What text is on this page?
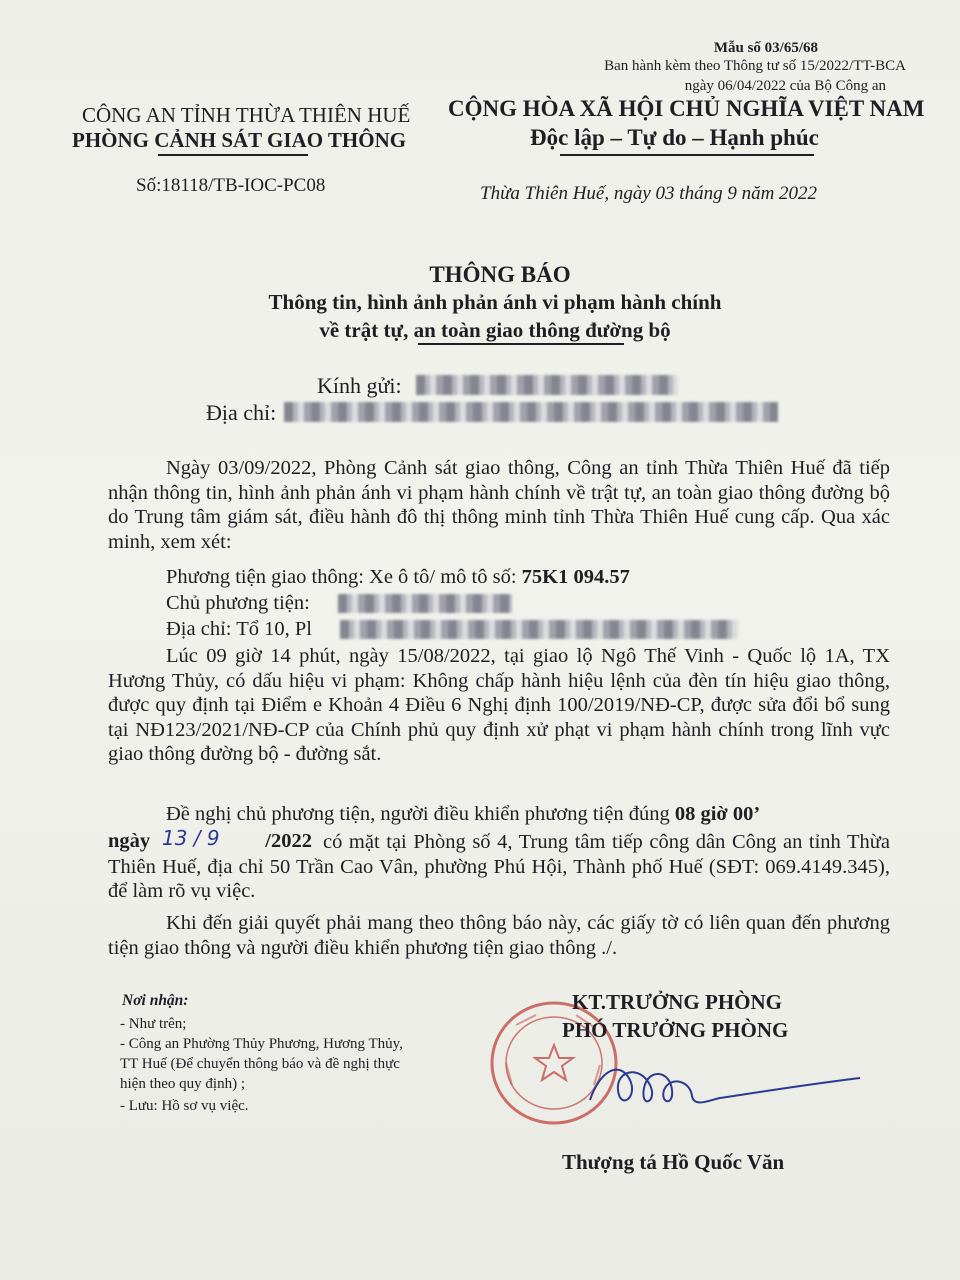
Mẫu số 03/65/68
Ban hành kèm theo Thông tư số 15/2022/TT-BCA
ngày 06/04/2022 của Bộ Công an
CÔNG AN TỈNH THỪA THIÊN HUẾ
PHÒNG CẢNH SÁT GIAO THÔNG
CỘNG HÒA XÃ HỘI CHỦ NGHĨA VIỆT NAM
Độc lập – Tự do – Hạnh phúc
Số:18118/TB-IOC-PC08	Thừa Thiên Huế, ngày 03 tháng 9 năm 2022
THÔNG BÁO
Thông tin, hình ảnh phản ánh vi phạm hành chính
về trật tự, an toàn giao thông đường bộ
Kính gửi:
Địa chỉ:

Ngày 03/09/2022, Phòng Cảnh sát giao thông, Công an tỉnh Thừa Thiên Huế đã tiếp nhận thông tin, hình ảnh phản ánh vi phạm hành chính về trật tự, an toàn giao thông đường bộ do Trung tâm giám sát, điều hành đô thị thông minh tỉnh Thừa Thiên Huế cung cấp. Qua xác minh, xem xét:

Phương tiện giao thông: Xe ô tô/ mô tô số: 75K1 094.57
Chủ phương tiện:
Địa chỉ: Tổ 10, Pl

Lúc 09 giờ 14 phút, ngày 15/08/2022, tại giao lộ Ngô Thế Vinh - Quốc lộ 1A, TX Hương Thủy, có dấu hiệu vi phạm: Không chấp hành hiệu lệnh của đèn tín hiệu giao thông, được quy định tại Điểm e Khoản 4 Điều 6 Nghị định 100/2019/NĐ-CP, được sửa đổi bổ sung tại NĐ123/2021/NĐ-CP của Chính phủ quy định xử phạt vi phạm hành chính trong lĩnh vực giao thông đường bộ - đường sắt.

Đề nghị chủ phương tiện, người điều khiển phương tiện đúng 08 giờ 00’
ngày	/2022
13 / 9	có mặt tại Phòng số 4, Trung tâm tiếp công dân Công an tỉnh Thừa Thiên Huế, địa chỉ 50 Trần Cao Vân, phường Phú Hội, Thành phố Huế (SĐT: 069.4149.345), để làm rõ vụ việc.

Khi đến giải quyết phải mang theo thông báo này, các giấy tờ có liên quan đến phương tiện giao thông và người điều khiển phương tiện giao thông ./.

Nơi nhận:
- Như trên;
- Công an Phường Thủy Phương, Hương Thủy,
TT Huế (Để chuyển thông báo và đề nghị thực
hiện theo quy định) ;
- Lưu: Hồ sơ vụ việc.
KT.TRƯỞNG PHÒNG
PHÓ TRƯỞNG PHÒNG
Thượng tá Hồ Quốc Văn
